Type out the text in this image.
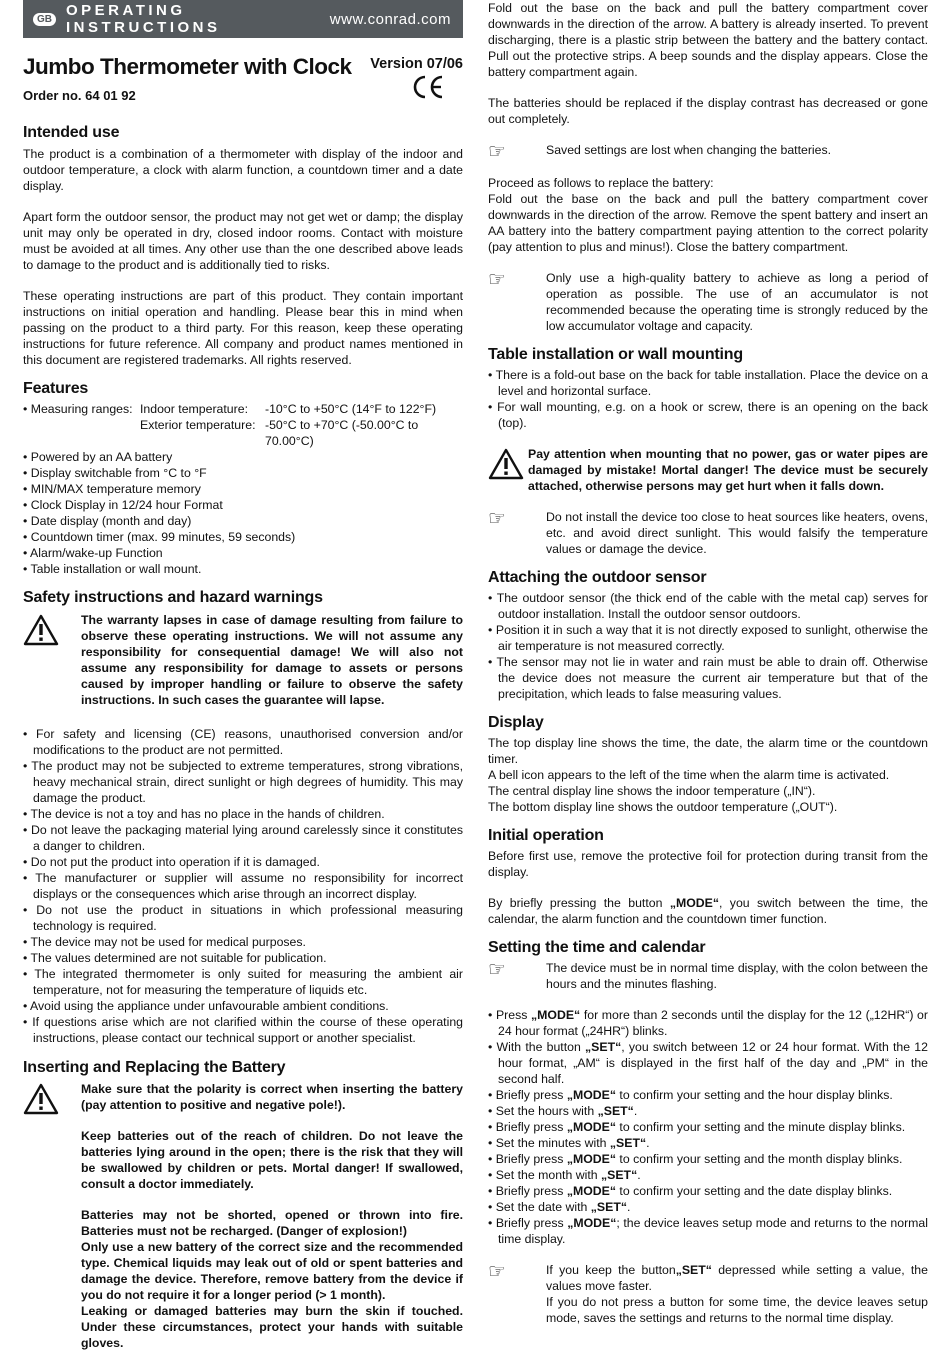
GB OPERATING INSTRUCTIONS	www.conrad.com
Jumbo Thermometer with Clock
Order no. 64 01 92
Version 07/06
Intended use

The product is a combination of a thermometer with display of the indoor and outdoor temperature, a clock with alarm function, a countdown timer and a date display.

Apart form the outdoor sensor, the product may not get wet or damp; the display unit may only be operated in dry, closed indoor rooms. Contact with moisture must be avoided at all times. Any other use than the one described above leads to damage to the product and is additionally tied to risks.

These operating instructions are part of this product. They contain important instructions on initial operation and handling. Please bear this in mind when passing on the product to a third party. For this reason, keep these operating instructions for future reference. All company and product names mentioned in this document are registered trademarks. All rights reserved.

Features
• Measuring ranges: Indoor temperature:	-10°C to +50°C (14°F to 122°F)
Exterior temperature: -50°C to +70°C (-50.00°C to 70.00°C)
• Powered by an AA battery
• Display switchable from °C to °F
• MIN/MAX temperature memory
• Clock Display in 12/24 hour Format
• Date display (month and day)
• Countdown timer (max. 99 minutes, 59 seconds)
• Alarm/wake-up Function
• Table installation or wall mount.
Safety instructions and hazard warnings
The warranty lapses in case of damage resulting from failure to observe these operating instructions. We will not assume any responsibility for consequential damage! We will also not assume any responsibility for damage to assets or persons caused by improper handling or failure to observe the safety instructions. In such cases the guarantee will lapse.
• For safety and licensing (CE) reasons, unauthorised conversion and/or modifications to the product are not permitted.
• The product may not be subjected to extreme temperatures, strong vibrations, heavy mechanical strain, direct sunlight or high degrees of humidity. This may damage the product.
• The device is not a toy and has no place in the hands of children.
• Do not leave the packaging material lying around carelessly since it constitutes a danger to children.
• Do not put the product into operation if it is damaged.
• The manufacturer or supplier will assume no responsibility for incorrect displays or the consequences which arise through an incorrect display.
• Do not use the product in situations in which professional measuring technology is required.
• The device may not be used for medical purposes.
• The values determined are not suitable for publication.
• The integrated thermometer is only suited for measuring the ambient air temperature, not for measuring the temperature of liquids etc.
• Avoid using the appliance under unfavourable ambient conditions.
• If questions arise which are not clarified within the course of these operating instructions, please contact our technical support or another specialist.
Inserting and Replacing the Battery
Make sure that the polarity is correct when inserting the battery (pay attention to positive and negative pole!).
Keep batteries out of the reach of children. Do not leave the batteries lying around in the open; there is the risk that they will be swallowed by children or pets. Mortal danger! If swallowed, consult a doctor immediately.
Batteries may not be shorted, opened or thrown into fire. Batteries must not be recharged. (Danger of explosion!)
Only use a new battery of the correct size and the recommended type. Chemical liquids may leak out of old or spent batteries and damage the device. Therefore, remove battery from the device if you do not require it for a longer period (> 1 month).
Leaking or damaged batteries may burn the skin if touched. Under these circumstances, protect your hands with suitable gloves.

Fold out the base on the back and pull the battery compartment cover downwards in the direction of the arrow. A battery is already inserted. To prevent discharging, there is a plastic strip between the battery and the battery contact. Pull out the protective strips. A beep sounds and the display appears. Close the battery compartment again.

The batteries should be replaced if the display contrast has decreased or gone out completely.

☞	Saved settings are lost when changing the batteries.

Proceed as follows to replace the battery:

Fold out the base on the back and pull the battery compartment cover downwards in the direction of the arrow. Remove the spent battery and insert an AA battery into the battery compartment paying attention to the correct polarity (pay attention to plus and minus!). Close the battery compartment.

☞	Only use a high-quality battery to achieve as long a period of operation as possible. The use of an accumulator is not recommended because the operating time is strongly reduced by the low accumulator voltage and capacity.
Table installation or wall mounting
• There is a fold-out base on the back for table installation. Place the device on a level and horizontal surface.
• For wall mounting, e.g. on a hook or screw, there is an opening on the back (top).
Pay attention when mounting that no power, gas or water pipes are damaged by mistake! Mortal danger! The device must be securely attached, otherwise persons may get hurt when it falls down.
☞	Do not install the device too close to heat sources like heaters, ovens, etc. and avoid direct sunlight. This would falsify the temperature values or damage the device.
Attaching the outdoor sensor
• The outdoor sensor (the thick end of the cable with the metal cap) serves for outdoor installation. Install the outdoor sensor outdoors.
• Position it in such a way that it is not directly exposed to sunlight, otherwise the air temperature is not measured correctly.
• The sensor may not lie in water and rain must be able to drain off. Otherwise the device does not measure the current air temperature but that of the precipitation, which leads to false measuring values.
Display

The top display line shows the time, the date, the alarm time or the countdown timer.

A bell icon appears to the left of the time when the alarm time is activated.

The central display line shows the indoor temperature („IN“).

The bottom display line shows the outdoor temperature („OUT“).

Initial operation

Before first use, remove the protective foil for protection during transit from the display.

By briefly pressing the button „MODE“, you switch between the time, the calendar, the alarm function and the countdown timer function.

Setting the time and calendar
☞	The device must be in normal time display, with the colon between the hours and the minutes flashing.
• Press „MODE“ for more than 2 seconds until the display for the 12 („12HR“) or 24 hour format („24HR“) blinks.
• With the button „SET“, you switch between 12 or 24 hour format. With the 12 hour format, „AM“ is displayed in the first half of the day and „PM“ in the second half.
• Briefly press „MODE“ to confirm your setting and the hour display blinks.
• Set the hours with „SET“.
• Briefly press „MODE“ to confirm your setting and the minute display blinks.
• Set the minutes with „SET“.
• Briefly press „MODE“ to confirm your setting and the month display blinks.
• Set the month with „SET“.
• Briefly press „MODE“ to confirm your setting and the date display blinks.
• Set the date with „SET“.
• Briefly press „MODE“; the device leaves setup mode and returns to the normal time display.
☞	If you keep the button„SET“ depressed while setting a value, the values move faster.
If you do not press a button for some time, the device leaves setup mode, saves the settings and returns to the normal time display.
